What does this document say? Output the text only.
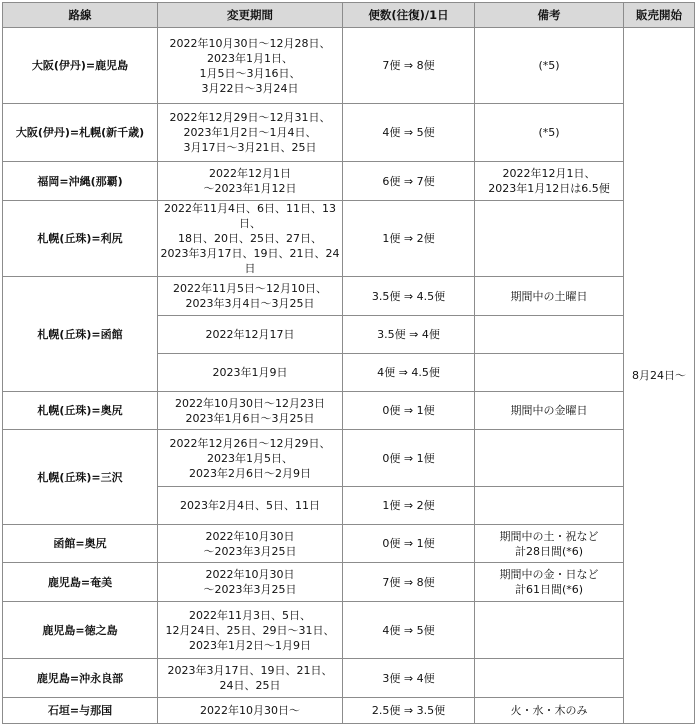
路線	変更期間	便数(往復)/1日	備考	販売開始
大阪(伊丹)=鹿児島	2022年10月30日～12月28日、
2023年1月1日、
1月5日～3月16日、
3月22日～3月24日	7便 ⇒ 8便	(*5)	8月24日～
大阪(伊丹)=札幌(新千歳)	2022年12月29日～12月31日、
2023年1月2日～1月4日、
3月17日～3月21日、25日	4便 ⇒ 5便	(*5)	
福岡=沖縄(那覇)	2022年12月1日
～2023年1月12日	6便 ⇒ 7便	2022年12月1日、
2023年1月12日は6.5便	
札幌(丘珠)=利尻	2022年11月4日、6日、11日、13日、
18日、20日、25日、27日、
2023年3月17日、19日、21日、24日	1便 ⇒ 2便		
札幌(丘珠)=函館	2022年11月5日～12月10日、
2023年3月4日～3月25日	3.5便 ⇒ 4.5便	期間中の土曜日	
	2022年12月17日	3.5便 ⇒ 4便		
	2023年1月9日	4便 ⇒ 4.5便		
札幌(丘珠)=奥尻	2022年10月30日～12月23日
2023年1月6日～3月25日	0便 ⇒ 1便	期間中の金曜日	
札幌(丘珠)=三沢	2022年12月26日～12月29日、
2023年1月5日、
2023年2月6日～2月9日	0便 ⇒ 1便		
	2023年2月4日、5日、11日	1便 ⇒ 2便		
函館=奥尻	2022年10月30日
～2023年3月25日	0便 ⇒ 1便	期間中の土・祝など
計28日間(*6)	
鹿児島=奄美	2022年10月30日
～2023年3月25日	7便 ⇒ 8便	期間中の金・日など
計61日間(*6)	
鹿児島=徳之島	2022年11月3日、5日、
12月24日、25日、29日～31日、
2023年1月2日～1月9日	4便 ⇒ 5便		
鹿児島=沖永良部	2023年3月17日、19日、21日、
24日、25日	3便 ⇒ 4便		
石垣=与那国	2022年10月30日～	2.5便 ⇒ 3.5便	火・水・木のみ	
